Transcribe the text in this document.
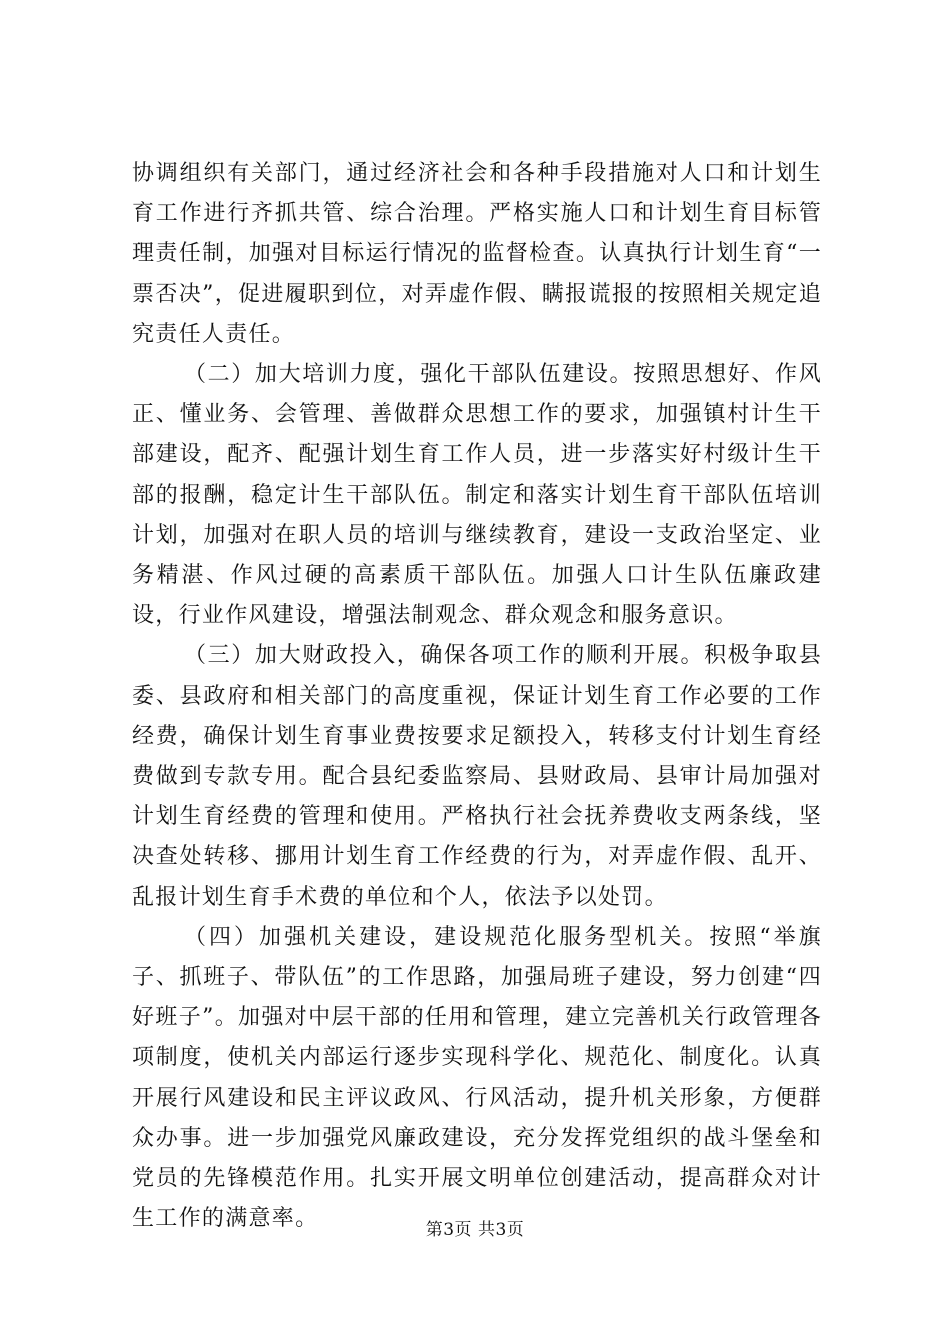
协调组织有关部门，通过经济社会和各种手段措施对人口和计划生育工作进行齐抓共管、综合治理。严格实施人口和计划生育目标管理责任制，加强对目标运行情况的监督检查。认真执行计划生育“一票否决”，促进履职到位，对弄虚作假、瞒报谎报的按照相关规定追究责任人责任。

（二）加大培训力度，强化干部队伍建设。按照思想好、作风正、懂业务、会管理、善做群众思想工作的要求，加强镇村计生干部建设，配齐、配强计划生育工作人员，进一步落实好村级计生干部的报酬，稳定计生干部队伍。制定和落实计划生育干部队伍培训计划，加强对在职人员的培训与继续教育，建设一支政治坚定、业务精湛、作风过硬的高素质干部队伍。加强人口计生队伍廉政建设，行业作风建设，增强法制观念、群众观念和服务意识。

（三）加大财政投入，确保各项工作的顺利开展。积极争取县委、县政府和相关部门的高度重视，保证计划生育工作必要的工作经费，确保计划生育事业费按要求足额投入，转移支付计划生育经费做到专款专用。配合县纪委监察局、县财政局、县审计局加强对计划生育经费的管理和使用。严格执行社会抚养费收支两条线，坚决查处转移、挪用计划生育工作经费的行为，对弄虚作假、乱开、乱报计划生育手术费的单位和个人，依法予以处罚。

（四）加强机关建设，建设规范化服务型机关。按照“举旗子、抓班子、带队伍”的工作思路，加强局班子建设，努力创建“四好班子”。加强对中层干部的任用和管理，建立完善机关行政管理各项制度，使机关内部运行逐步实现科学化、规范化、制度化。认真开展行风建设和民主评议政风、行风活动，提升机关形象，方便群众办事。进一步加强党风廉政建设，充分发挥党组织的战斗堡垒和党员的先锋模范作用。扎实开展文明单位创建活动，提高群众对计生工作的满意率。	第3页 共3页
